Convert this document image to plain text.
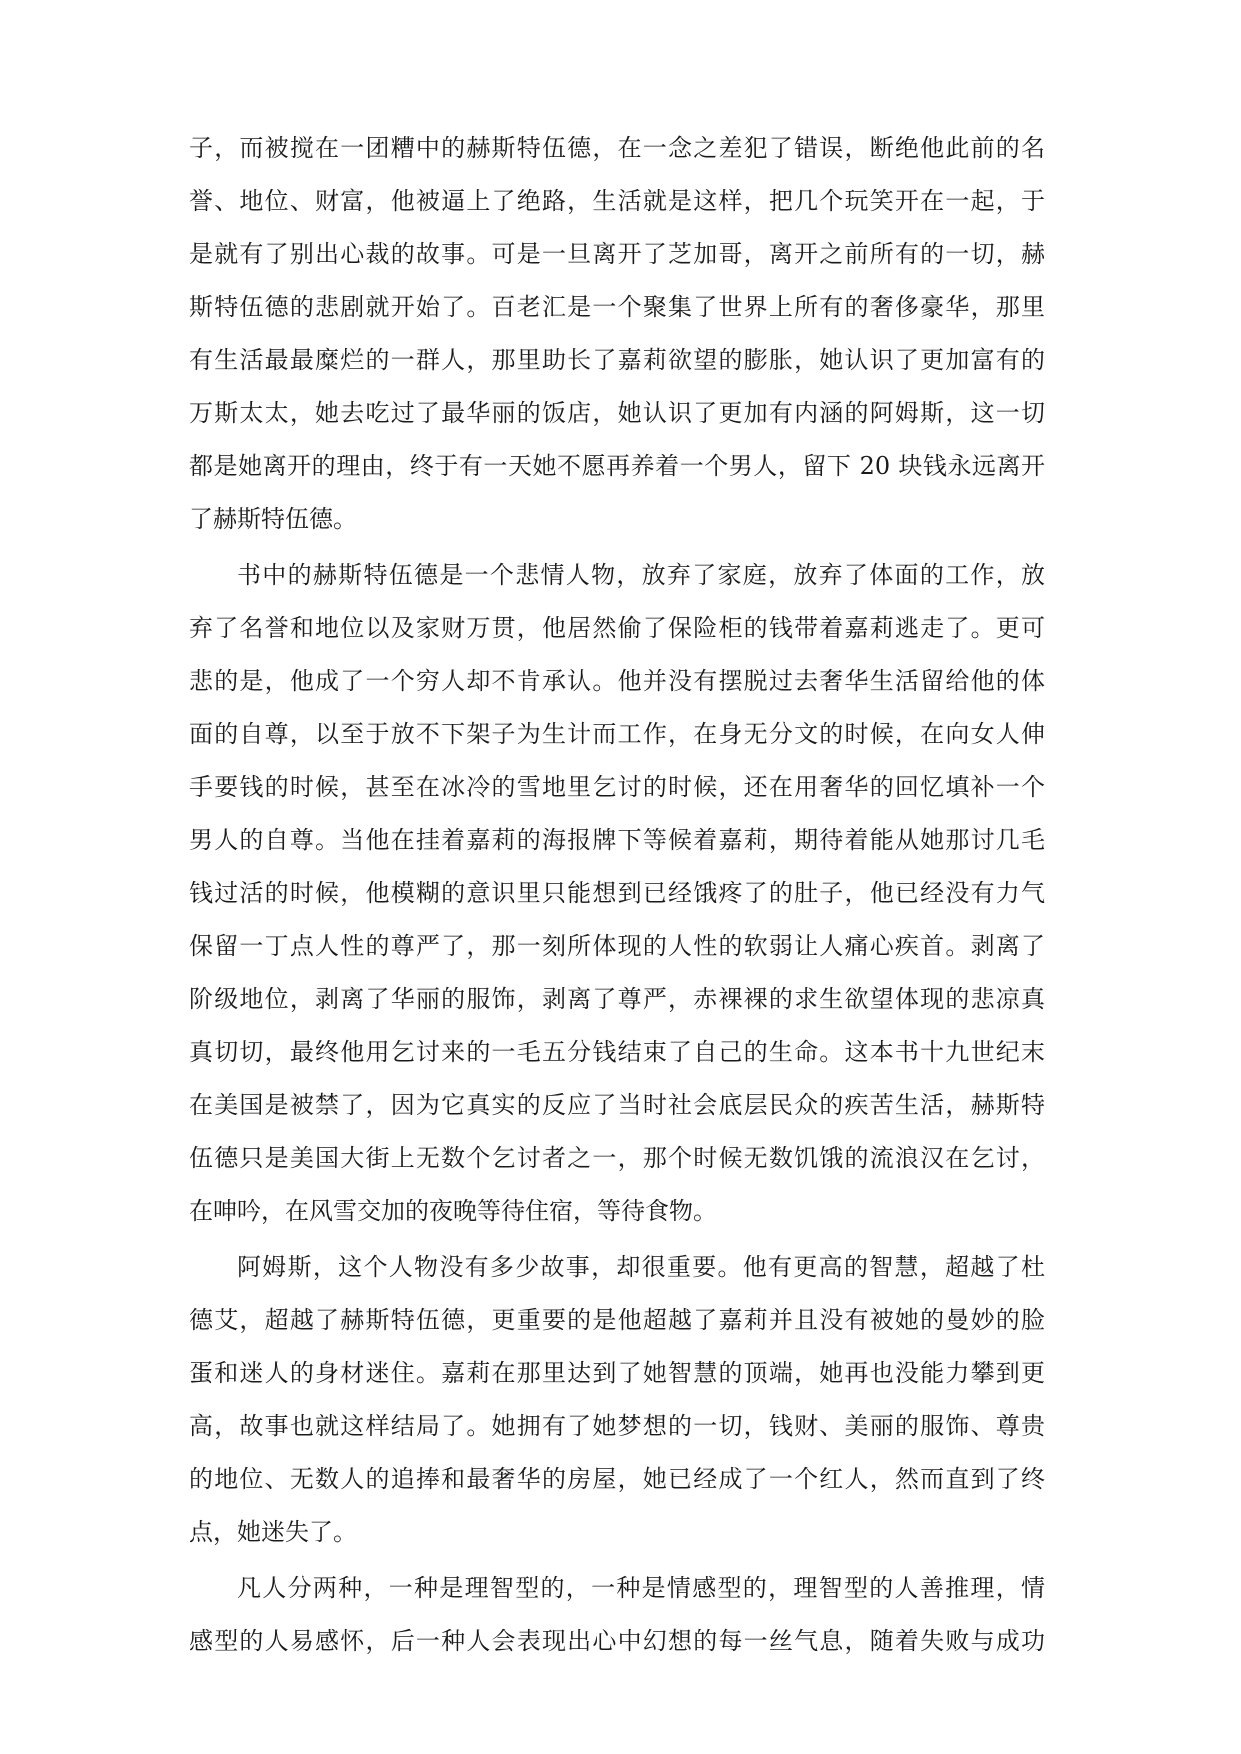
子，而被搅在一团糟中的赫斯特伍德，在一念之差犯了错误，断绝他此前的名
誉、地位、财富，他被逼上了绝路，生活就是这样，把几个玩笑开在一起，于
是就有了别出心裁的故事。可是一旦离开了芝加哥，离开之前所有的一切，赫
斯特伍德的悲剧就开始了。百老汇是一个聚集了世界上所有的奢侈豪华，那里
有生活最最糜烂的一群人，那里助长了嘉莉欲望的膨胀，她认识了更加富有的
万斯太太，她去吃过了最华丽的饭店，她认识了更加有内涵的阿姆斯，这一切
都是她离开的理由，终于有一天她不愿再养着一个男人，留下 20 块钱永远离开
了赫斯特伍德。
书中的赫斯特伍德是一个悲情人物，放弃了家庭，放弃了体面的工作，放
弃了名誉和地位以及家财万贯，他居然偷了保险柜的钱带着嘉莉逃走了。更可
悲的是，他成了一个穷人却不肯承认。他并没有摆脱过去奢华生活留给他的体
面的自尊，以至于放不下架子为生计而工作，在身无分文的时候，在向女人伸
手要钱的时候，甚至在冰冷的雪地里乞讨的时候，还在用奢华的回忆填补一个
男人的自尊。当他在挂着嘉莉的海报牌下等候着嘉莉，期待着能从她那讨几毛
钱过活的时候，他模糊的意识里只能想到已经饿疼了的肚子，他已经没有力气
保留一丁点人性的尊严了，那一刻所体现的人性的软弱让人痛心疾首。剥离了
阶级地位，剥离了华丽的服饰，剥离了尊严，赤裸裸的求生欲望体现的悲凉真
真切切，最终他用乞讨来的一毛五分钱结束了自己的生命。这本书十九世纪末
在美国是被禁了，因为它真实的反应了当时社会底层民众的疾苦生活，赫斯特
伍德只是美国大街上无数个乞讨者之一，那个时候无数饥饿的流浪汉在乞讨，
在呻吟，在风雪交加的夜晚等待住宿，等待食物。
阿姆斯，这个人物没有多少故事，却很重要。他有更高的智慧，超越了杜
德艾，超越了赫斯特伍德，更重要的是他超越了嘉莉并且没有被她的曼妙的脸
蛋和迷人的身材迷住。嘉莉在那里达到了她智慧的顶端，她再也没能力攀到更
高，故事也就这样结局了。她拥有了她梦想的一切，钱财、美丽的服饰、尊贵
的地位、无数人的追捧和最奢华的房屋，她已经成了一个红人，然而直到了终
点，她迷失了。
凡人分两种，一种是理智型的，一种是情感型的，理智型的人善推理，情
感型的人易感怀，后一种人会表现出心中幻想的每一丝气息，随着失败与成功
